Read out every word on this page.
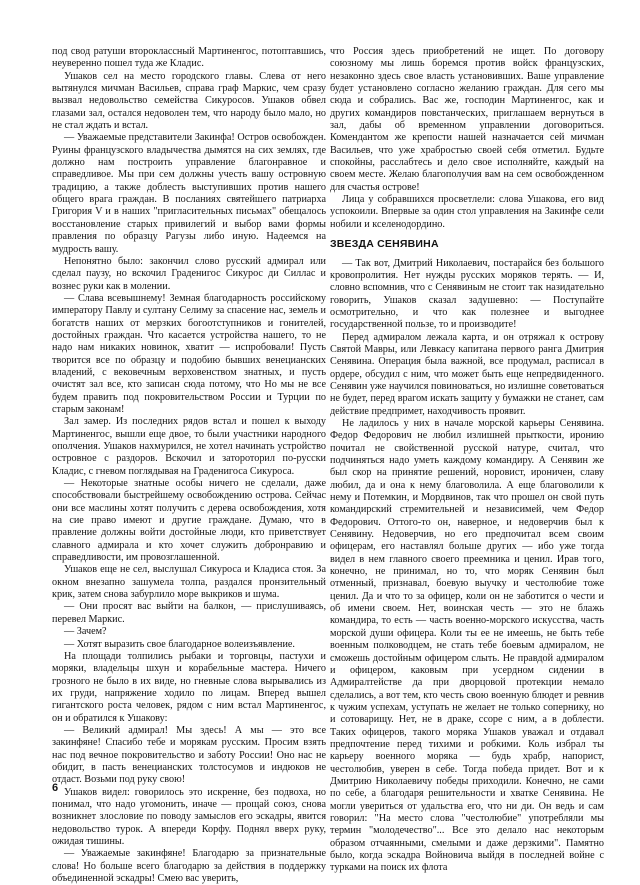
под свод ратуши второклассный Мартиненгос, потоптавшись, неуверенно пошел туда же Кладис.

Ушаков сел на место городского главы. Слева от него вытянулся мичман Васильев, справа граф Маркис, чем сразу вызвал недовольство семейства Сикуросов. Ушаков обвел глазами зал, остался недоволен тем, что народу было мало, но не стал ждать и встал.

— Уважаемые представители Закинфа! Остров освобожден. Руины французского владычества дымятся на сих землях, где должно нам построить управление благонравное и справедливое. Мы при сем должны учесть вашу островную традицию, а также доблесть выступивших против нашего общего врага граждан. В посланиях святейшего патриарха Григория V и в наших "пригласительных письмах" обещалось восстановление старых привилегий и выбор вами формы правления по образцу Рагузы либо иную. Надеемся на мудрость вашу.

Непонятно было: закончил слово русский адмирал или сделал паузу, но вскочил Граденигос Сикурос ди Силлас и вознес руки как в молении.

— Слава всевышнему! Земная благодарность российскому императору Павлу и султану Селиму за спасение нас, земель и богатств наших от мерзких богоотступников и гонителей, достойных граждан. Что касается устройства нашего, то не надо нам никаких новинок, хватит — испробовали! Пусть творится все по образцу и подобию бывших венецианских владений, с вековечным верховенством знатных, и пусть очистят зал все, кто записан сюда потому, что Но мы не все будем править под покровительством России и Турции по старым законам!

Зал замер. Из последних рядов встал и пошел к выходу Мартиненгос, вышли еще двое, то были участники народного ополчения. Ушаков нахмурился, не хотел начинать устройство островное с раздоров. Вскочил и затороторил по-русски Кладис, с гневом поглядывая на Граденигоса Сикуроса.

— Некоторые знатные особы ничего не сделали, даже способствовали быстрейшему освобождению острова. Сейчас они все маслины хотят получить с дерева освобождения, хотя на сие право имеют и другие граждане. Думаю, что в правление должны войти достойные люди, кто приветствует славного адмирала и кто хочет служить добронравию и справедливости, им провозглашенной.

Ушаков еще не сел, выслушал Сикуроса и Кладиса стоя. За окном внезапно зашумела толпа, раздался пронзительный крик, затем снова забурлило море выкриков и шума.

— Они просят вас выйти на балкон, — прислушиваясь, перевел Маркис.

— Зачем?

— Хотят выразить свое благодарное волеизъявление.

На площади толпились рыбаки и торговцы, пастухи и моряки, владельцы шхун и корабельные мастера. Ничего грозного не было в их виде, но гневные слова вырывались из их груди, напряжение ходило по лицам. Вперед вышел гигантского роста человек, рядом с ним встал Мартиненгос, он и обратился к Ушакову:

— Великий адмирал! Мы здесь! А мы — это все закинфяне! Спасибо тебе и морякам русским. Просим взять нас под вечное покровительство и заботу России! Оно нас не обидит, в пасть венецианских толстосумов и индюков не отдаст. Возьми под руку свою!

Ушаков видел: говорилось это искренне, без подвоха, но понимал, что надо угомонить, иначе — прощай союз, снова возникнет злословие по поводу замыслов его эскадры, явится недовольство турок. А впереди Корфу. Поднял вверх руку, ожидая тишины.

— Уважаемые закинфяне! Благодарю за признательные слова! Но больше всего благодарю за действия в поддержку объединенной эскадры! Смею вас уверить,

что Россия здесь приобретений не ищет. По договору союзному мы лишь боремся против войск французских, незаконно здесь свое власть установивших. Ваше управление будет установлено согласно желанию граждан. Для сего мы сюда и собрались. Вас же, господин Мартиненгос, как и других командиров повстанческих, приглашаем вернуться в зал, дабы об временном управлении договориться. Комендантом же крепости нашей назначается сей мичман Васильев, что уже храбростью своей себя отметил. Будьте спокойны, расслабтесь и дело свое исполняйте, каждый на своем месте. Желаю благополучия вам на сем освобожденном для счастья острове!

Лица у собравшихся просветлели: слова Ушакова, его вид успокоили. Впервые за один стол управления на Закинфе сели нобили и кселенодордино.

ЗВЕЗДА СЕНЯВИНА

— Так вот, Дмитрий Николаевич, постарайся без большого кровопролития. Нет нужды русских моряков терять. — И, словно вспомнив, что с Сенявиным не стоит так назидательно говорить, Ушаков сказал задушевно: — Поступайте осмотрительно, и что как полезнее и выгоднее государственной пользе, то и производите!

Перед адмиралом лежала карта, и он отряжал к острову Святой Мавры, или Левкасу капитана первого ранга Дмитрия Сенявина. Операция была важной, все продумал, расписал в ордере, обсудил с ним, что может быть еще непредвиденного. Сенявин уже научился повиноваться, но излишне советоваться не будет, перед врагом искать защиту у бумажки не станет, сам действие предпримет, находчивость проявит.

Не ладилось у них в начале морской карьеры Сенявина. Федор Федорович не любил излишней прыткости, иронию почитал не свойственной русской натуре, считал, что подчиняться надо уметь каждому командиру. А Сенявин же был скор на принятие решений, норовист, ироничен, славу любил, да и она к нему благоволила. А еще благоволили к нему и Потемкин, и Мордвинов, так что прошел он свой путь командирский стремительней и независимей, чем Федор Федорович. Оттого-то он, наверное, и недоверчив был к Сенявину. Недоверчив, но его предпочитал всем своим офицерам, его наставлял больше других — ибо уже тогда видел в нем главного своего преемника и ценил. Ирав того, конечно, не принимал, но то, что моряк Сенявин был отменный, признавал, боевую выучку и честолюбие тоже ценил. Да и что то за офицер, коли он не заботится о чести и об имени своем. Нет, воинская честь — это не блажь командира, то есть — часть военно-морского искусства, часть морской души офицера. Коли ты ее не имеешь, не быть тебе военным полководцем, не стать тебе боевым адмиралом, не сможешь достойным офицером слыть. Не правдой адмиралом и офицером, каковым при усердном сидении в Адмиралтействе да при дворцовой протекции немало сделались, а вот тем, кто честь свою военную блюдет и ревнив к чужим успехам, уступать не желает не только сопернику, но и сотоварищу. Нет, не в драке, ссоре с ним, а в доблести. Таких офицеров, такого моряка Ушаков уважал и отдавал предпочтение перед тихими и робкими. Коль избрал ты карьеру военного моряка — будь храбр, напорист, честолюбив, уверен в себе. Тогда победа придет. Вот и к Дмитрию Николаевичу победы приходили. Конечно, не сами по себе, а благодаря решительности и хватке Сенявина. Не могли увериться от удальства его, что ни ди. Он ведь и сам говорил: "На место слова "честолюбие" употребляли мы термин "молодечество"... Все это делало нас некоторым образом отчаянными, смелыми и даже дерзкими". Памятно было, когда эскадра Войновича выйдя в последней войне с турками на поиск их флота

6
